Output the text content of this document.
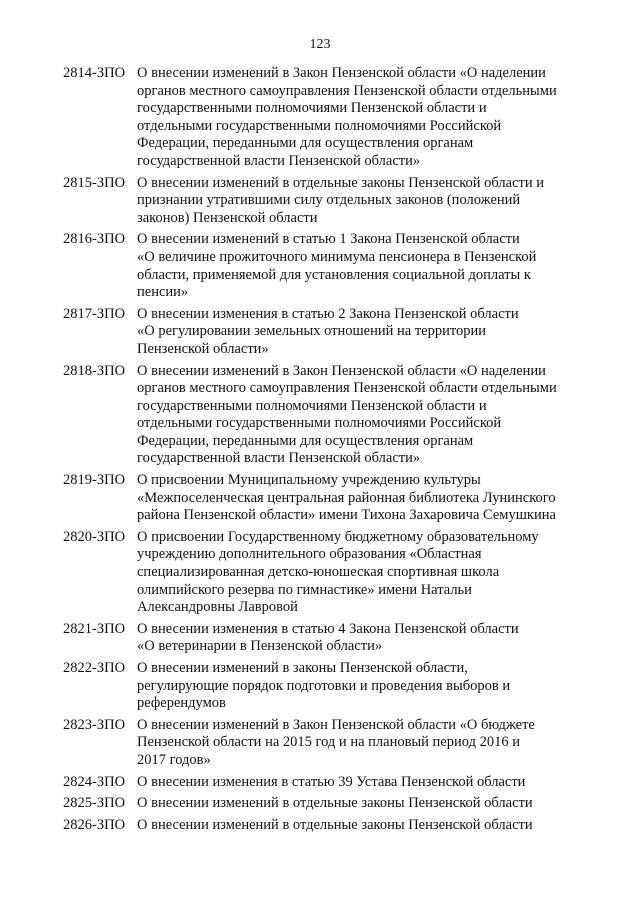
123
2814-ЗПО О внесении изменений в Закон Пензенской области «О наделении
органов местного самоуправления Пензенской области отдельными
государственными полномочиями Пензенской области и
отдельными государственными полномочиями Российской
Федерации, переданными для осуществления органам
государственной власти Пензенской области»
2815-ЗПО О внесении изменений в отдельные законы Пензенской области и
признании утратившими силу отдельных законов (положений
законов) Пензенской области
2816-ЗПО О внесении изменений в статью 1 Закона Пензенской области
«О величине прожиточного минимума пенсионера в Пензенской
области, применяемой для установления социальной доплаты к
пенсии»
2817-ЗПО О внесении изменения в статью 2 Закона Пензенской области
«О регулировании земельных отношений на территории
Пензенской области»
2818-ЗПО О внесении изменений в Закон Пензенской области «О наделении
органов местного самоуправления Пензенской области отдельными
государственными полномочиями Пензенской области и
отдельными государственными полномочиями Российской
Федерации, переданными для осуществления органам
государственной власти Пензенской области»
2819-ЗПО О присвоении Муниципальному учреждению культуры
«Межпоселенческая центральная районная библиотека Лунинского
района Пензенской области» имени Тихона Захаровича Семушкина
2820-ЗПО О присвоении Государственному бюджетному образовательному
учреждению дополнительного образования «Областная
специализированная детско-юношеская спортивная школа
олимпийского резерва по гимнастике» имени Натальи
Александровны Лавровой
2821-ЗПО О внесении изменения в статью 4 Закона Пензенской области
«О ветеринарии в Пензенской области»
2822-ЗПО О внесении изменений в законы Пензенской области,
регулирующие порядок подготовки и проведения выборов и
референдумов
2823-ЗПО О внесении изменений в Закон Пензенской области «О бюджете
Пензенской области на 2015 год и на плановый период 2016 и
2017 годов»
2824-ЗПО О внесении изменения в статью 39 Устава Пензенской области
2825-ЗПО О внесении изменений в отдельные законы Пензенской области
2826-ЗПО О внесении изменений в отдельные законы Пензенской области
